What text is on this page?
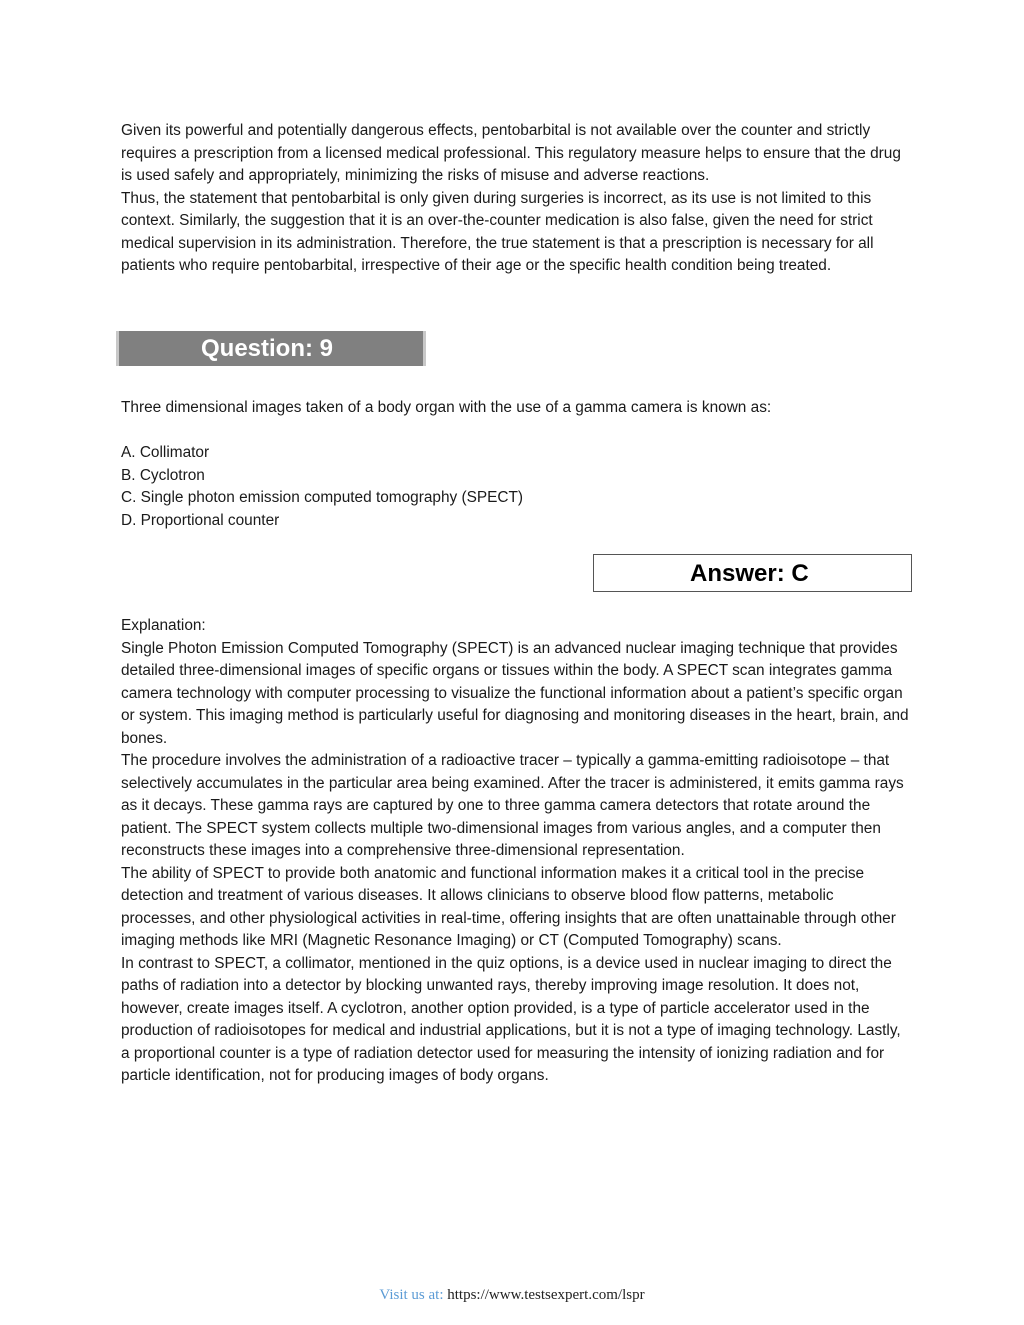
Given its powerful and potentially dangerous effects, pentobarbital is not available over the counter and strictly requires a prescription from a licensed medical professional. This regulatory measure helps to ensure that the drug is used safely and appropriately, minimizing the risks of misuse and adverse reactions.

Thus, the statement that pentobarbital is only given during surgeries is incorrect, as its use is not limited to this context. Similarly, the suggestion that it is an over-the-counter medication is also false, given the need for strict medical supervision in its administration. Therefore, the true statement is that a prescription is necessary for all patients who require pentobarbital, irrespective of their age or the specific health condition being treated.

Question: 9

Three dimensional images taken of a body organ with the use of a gamma camera is known as:

A. Collimator

B. Cyclotron

C. Single photon emission computed tomography (SPECT)

D. Proportional counter

Answer: C

Explanation:

Single Photon Emission Computed Tomography (SPECT) is an advanced nuclear imaging technique that provides detailed three-dimensional images of specific organs or tissues within the body. A SPECT scan integrates gamma camera technology with computer processing to visualize the functional information about a patient’s specific organ or system. This imaging method is particularly useful for diagnosing and monitoring diseases in the heart, brain, and bones.

The procedure involves the administration of a radioactive tracer – typically a gamma-emitting radioisotope – that selectively accumulates in the particular area being examined. After the tracer is administered, it emits gamma rays as it decays. These gamma rays are captured by one to three gamma camera detectors that rotate around the patient. The SPECT system collects multiple two-dimensional images from various angles, and a computer then reconstructs these images into a comprehensive three-dimensional representation.

The ability of SPECT to provide both anatomic and functional information makes it a critical tool in the precise detection and treatment of various diseases. It allows clinicians to observe blood flow patterns, metabolic processes, and other physiological activities in real-time, offering insights that are often unattainable through other imaging methods like MRI (Magnetic Resonance Imaging) or CT (Computed Tomography) scans.

In contrast to SPECT, a collimator, mentioned in the quiz options, is a device used in nuclear imaging to direct the paths of radiation into a detector by blocking unwanted rays, thereby improving image resolution. It does not, however, create images itself. A cyclotron, another option provided, is a type of particle accelerator used in the production of radioisotopes for medical and industrial applications, but it is not a type of imaging technology. Lastly, a proportional counter is a type of radiation detector used for measuring the intensity of ionizing radiation and for particle identification, not for producing images of body organs.

Visit us at: https://www.testsexpert.com/lspr
